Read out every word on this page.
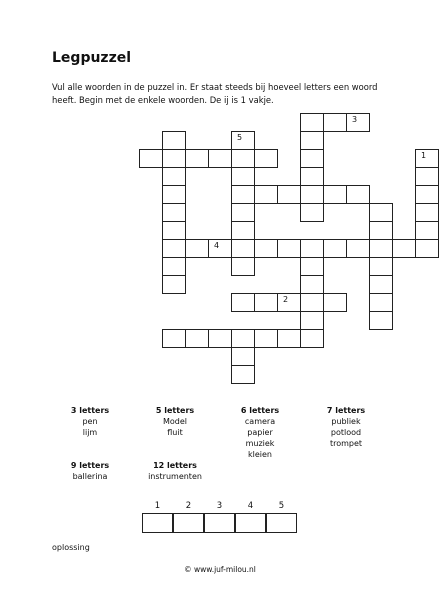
Legpuzzel
Vul alle woorden in de puzzel in. Er staat steeds bij hoeveel letters een woord heeft. Begin met de enkele woorden. De ij is 1 vakje.
3
5
1
4
2
3 letters
pen
lijm
5 letters
Model
fluit
6 letters
camera
papier
muziek
kleien
7 letters
publiek
potlood
trompet
9 letters
ballerina
12 letters
instrumenten
oplossing
1	2	3	4	5
© www.juf-milou.nl
